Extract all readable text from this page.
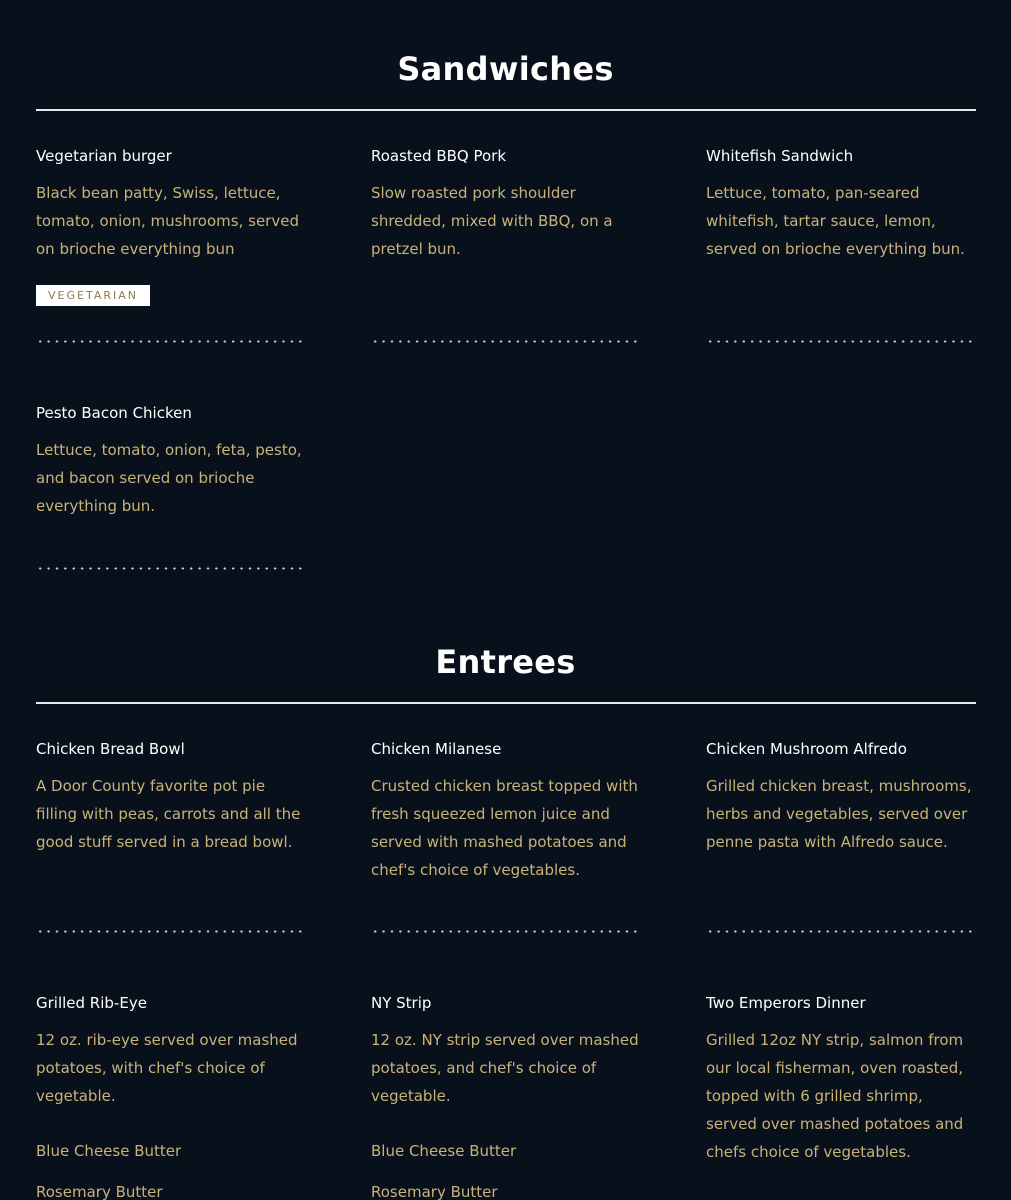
Sandwiches

Vegetarian burger

Black bean patty, Swiss, lettuce, tomato, onion, mushrooms, served on brioche everything bun

VEGETARIAN

Roasted BBQ Pork

Slow roasted pork shoulder shredded, mixed with BBQ, on a pretzel bun.

Whitefish Sandwich

Lettuce, tomato, pan-seared whitefish, tartar sauce, lemon, served on brioche everything bun.

Pesto Bacon Chicken

Lettuce, tomato, onion, feta, pesto, and bacon served on brioche everything bun.

Entrees

Chicken Bread Bowl

A Door County favorite pot pie filling with peas, carrots and all the good stuff served in a bread bowl.

Chicken Milanese

Crusted chicken breast topped with fresh squeezed lemon juice and served with mashed potatoes and chef's choice of vegetables.

Chicken Mushroom Alfredo

Grilled chicken breast, mushrooms, herbs and vegetables, served over penne pasta with Alfredo sauce.

Grilled Rib-Eye

12 oz. rib-eye served over mashed potatoes, with chef's choice of vegetable.

Blue Cheese Butter

Rosemary Butter

NY Strip

12 oz. NY strip served over mashed potatoes, and chef's choice of vegetable.

Blue Cheese Butter

Rosemary Butter

Two Emperors Dinner

Grilled 12oz NY strip, salmon from our local fisherman, oven roasted, topped with 6 grilled shrimp, served over mashed potatoes and chefs choice of vegetables.
